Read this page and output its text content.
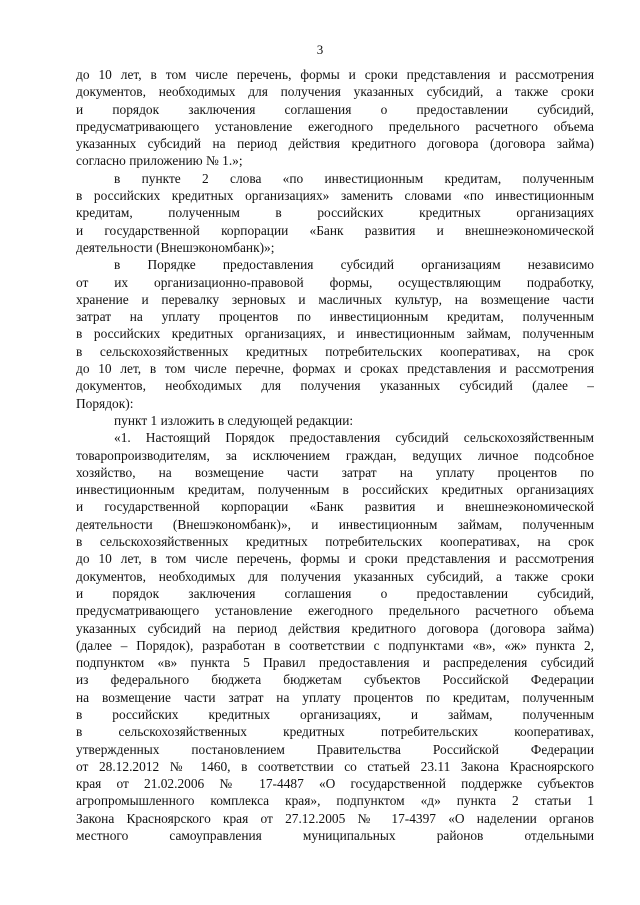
3
до 10 лет, в том числе перечень, формы и сроки представления и рассмотрения
документов, необходимых для получения указанных субсидий, а также сроки
и порядок заключения соглашения о предоставлении субсидий,
предусматривающего установление ежегодного предельного расчетного объема
указанных субсидий на период действия кредитного договора (договора займа)
согласно приложению № 1.»;
в пункте 2 слова «по инвестиционным кредитам, полученным
в российских кредитных организациях» заменить словами «по инвестиционным
кредитам, полученным в российских кредитных организациях
и государственной корпорации «Банк развития и внешнеэкономической
деятельности (Внешэкономбанк)»;
в Порядке предоставления субсидий организациям независимо
от их организационно-правовой формы, осуществляющим подработку,
хранение и перевалку зерновых и масличных культур, на возмещение части
затрат на уплату процентов по инвестиционным кредитам, полученным
в российских кредитных организациях, и инвестиционным займам, полученным
в сельскохозяйственных кредитных потребительских кооперативах, на срок
до 10 лет, в том числе перечне, формах и сроках представления и рассмотрения
документов, необходимых для получения указанных субсидий (далее –
Порядок):
пункт 1 изложить в следующей редакции:
«1. Настоящий Порядок предоставления субсидий сельскохозяйственным
товаропроизводителям, за исключением граждан, ведущих личное подсобное
хозяйство, на возмещение части затрат на уплату процентов по
инвестиционным кредитам, полученным в российских кредитных организациях
и государственной корпорации «Банк развития и внешнеэкономической
деятельности (Внешэкономбанк)», и инвестиционным займам, полученным
в сельскохозяйственных кредитных потребительских кооперативах, на срок
до 10 лет, в том числе перечень, формы и сроки представления и рассмотрения
документов, необходимых для получения указанных субсидий, а также сроки
и порядок заключения соглашения о предоставлении субсидий,
предусматривающего установление ежегодного предельного расчетного объема
указанных субсидий на период действия кредитного договора (договора займа)
(далее – Порядок), разработан в соответствии с подпунктами «в», «ж» пункта 2,
подпунктом «в» пункта 5 Правил предоставления и распределения субсидий
из федерального бюджета бюджетам субъектов Российской Федерации
на возмещение части затрат на уплату процентов по кредитам, полученным
в российских кредитных организациях, и займам, полученным
в сельскохозяйственных кредитных потребительских кооперативах,
утвержденных постановлением Правительства Российской Федерации
от 28.12.2012 № 1460, в соответствии со статьей 23.11 Закона Красноярского
края от 21.02.2006 № 17-4487 «О государственной поддержке субъектов
агропромышленного комплекса края», подпунктом «д» пункта 2 статьи 1
Закона Красноярского края от 27.12.2005 № 17-4397 «О наделении органов
местного самоуправления муниципальных районов отдельными
